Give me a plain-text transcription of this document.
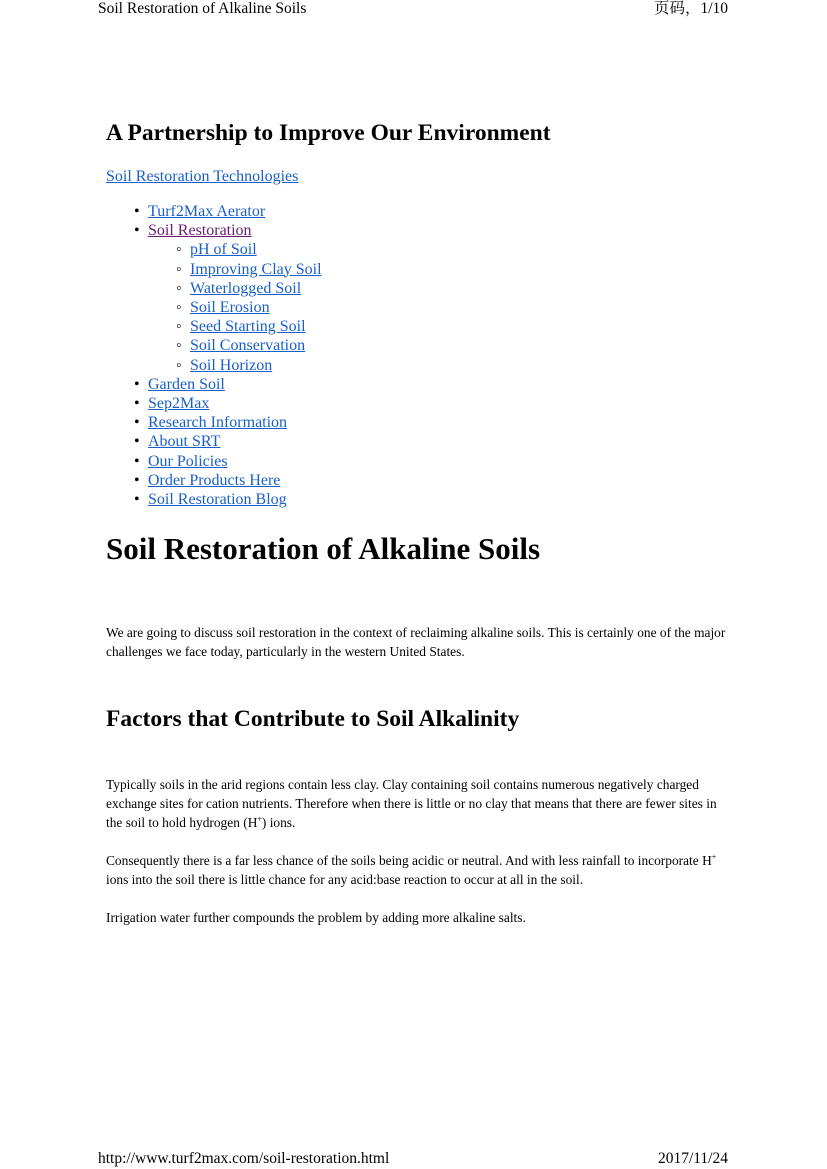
Soil Restoration of Alkaline Soils	页码，1/10
A Partnership to Improve Our Environment
Soil Restoration Technologies
• Turf2Max Aerator
• Soil Restoration
◦ pH of Soil
◦ Improving Clay Soil
◦ Waterlogged Soil
◦ Soil Erosion
◦ Seed Starting Soil
◦ Soil Conservation
◦ Soil Horizon
• Garden Soil
• Sep2Max
• Research Information
• About SRT
• Our Policies
• Order Products Here
• Soil Restoration Blog
Soil Restoration of Alkaline Soils

We are going to discuss soil restoration in the context of reclaiming alkaline soils. This is certainly one of the major challenges we face today, particularly in the western United States.

Factors that Contribute to Soil Alkalinity

Typically soils in the arid regions contain less clay. Clay containing soil contains numerous negatively charged exchange sites for cation nutrients. Therefore when there is little or no clay that means that there are fewer sites in the soil to hold hydrogen (H+) ions.

Consequently there is a far less chance of the soils being acidic or neutral. And with less rainfall to incorporate H+ ions into the soil there is little chance for any acid:base reaction to occur at all in the soil.

Irrigation water further compounds the problem by adding more alkaline salts.

http://www.turf2max.com/soil-restoration.html	2017/11/24
